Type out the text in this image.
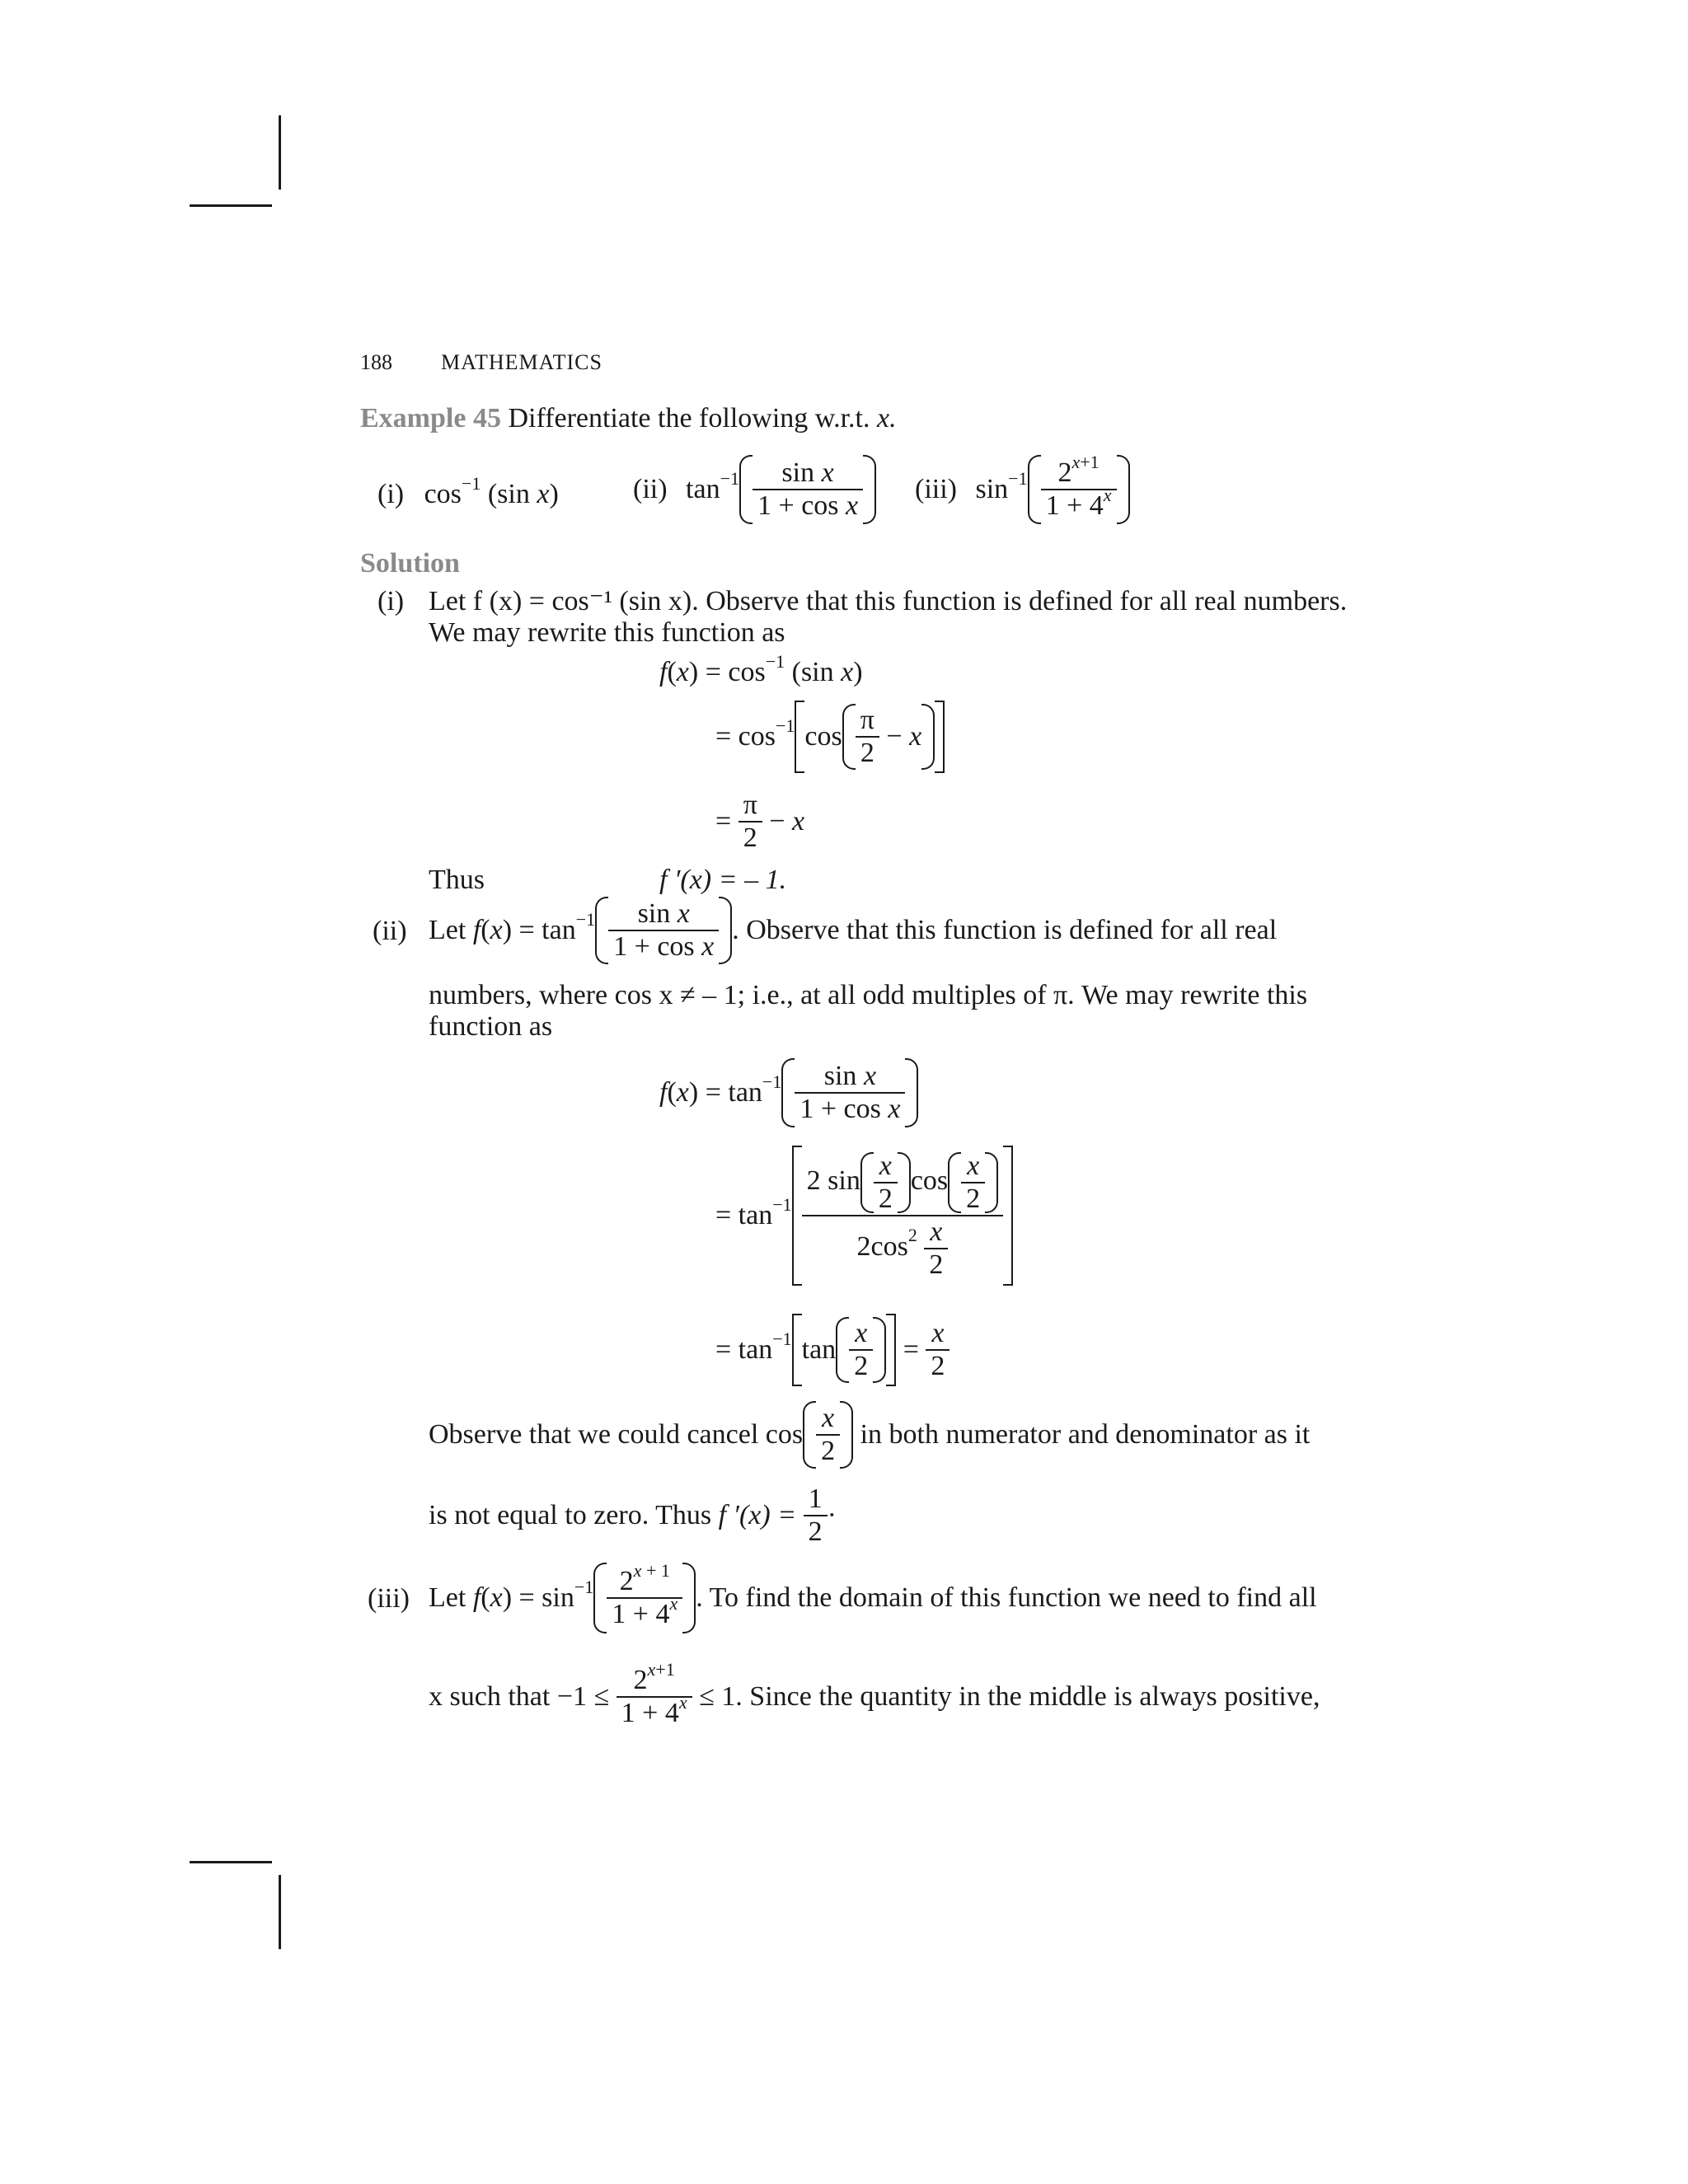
188 MATHEMATICS
Example 45 Differentiate the following w.r.t. x.
(i) $\cos^{-1} (\sin$ x)	(ii) $\tan^{-1} \frac{\text{sin x}}{\text{1 + cos x}} (iii)$ $\sin^{-1} \frac{2^{x+1}}{1 + 4^x}$
Solution
(i) Let f (x) = cos⁻¹ (sin x). Observe that this function is defined for all real numbers.
We may rewrite this function as
$f(x) = \cos^{-1} (\sin$ x)
= $\cos^{-1} \cos \frac{\pi}{2} - x$
= $\frac{\pi}{2} - x$
Thus	f ′(x) = – 1.
(ii) Let $f(x) = \tan^{-1} \frac{\text{sin x}}{\text{1 + cos x}}$ . Observe that this function is defined for all real
numbers, where cos x ≠ – 1; i.e., at all odd multiples of π. We may rewrite this
function as
$f(x) = \tan^{-1} \frac{\text{sin x}}{\text{1 + cos x}}$
= $\tan^{-1} \frac{2 \sin \frac{x}{2} \cos \frac{x}{2}}{2\cos^2 \frac{x}{2}}$
= $\tan^{-1} \tan \frac{x}{2} = \frac{x}{2}$
Observe that we could cancel $\cos \frac{x}{2}$ in both numerator and denominator as it
is not equal to zero. Thus f $'(x) = \frac{1}{2}$ ·
(iii) Let $f(x) = \sin^{-1} \frac{2^{x + 1}}{1 + 4^x}$ . To find the domain of this function we need to find all
x such that $-1 \le \frac{2^{x+1}}{1 + 4^x} \le 1$. Since the quantity in the middle is always positive,
